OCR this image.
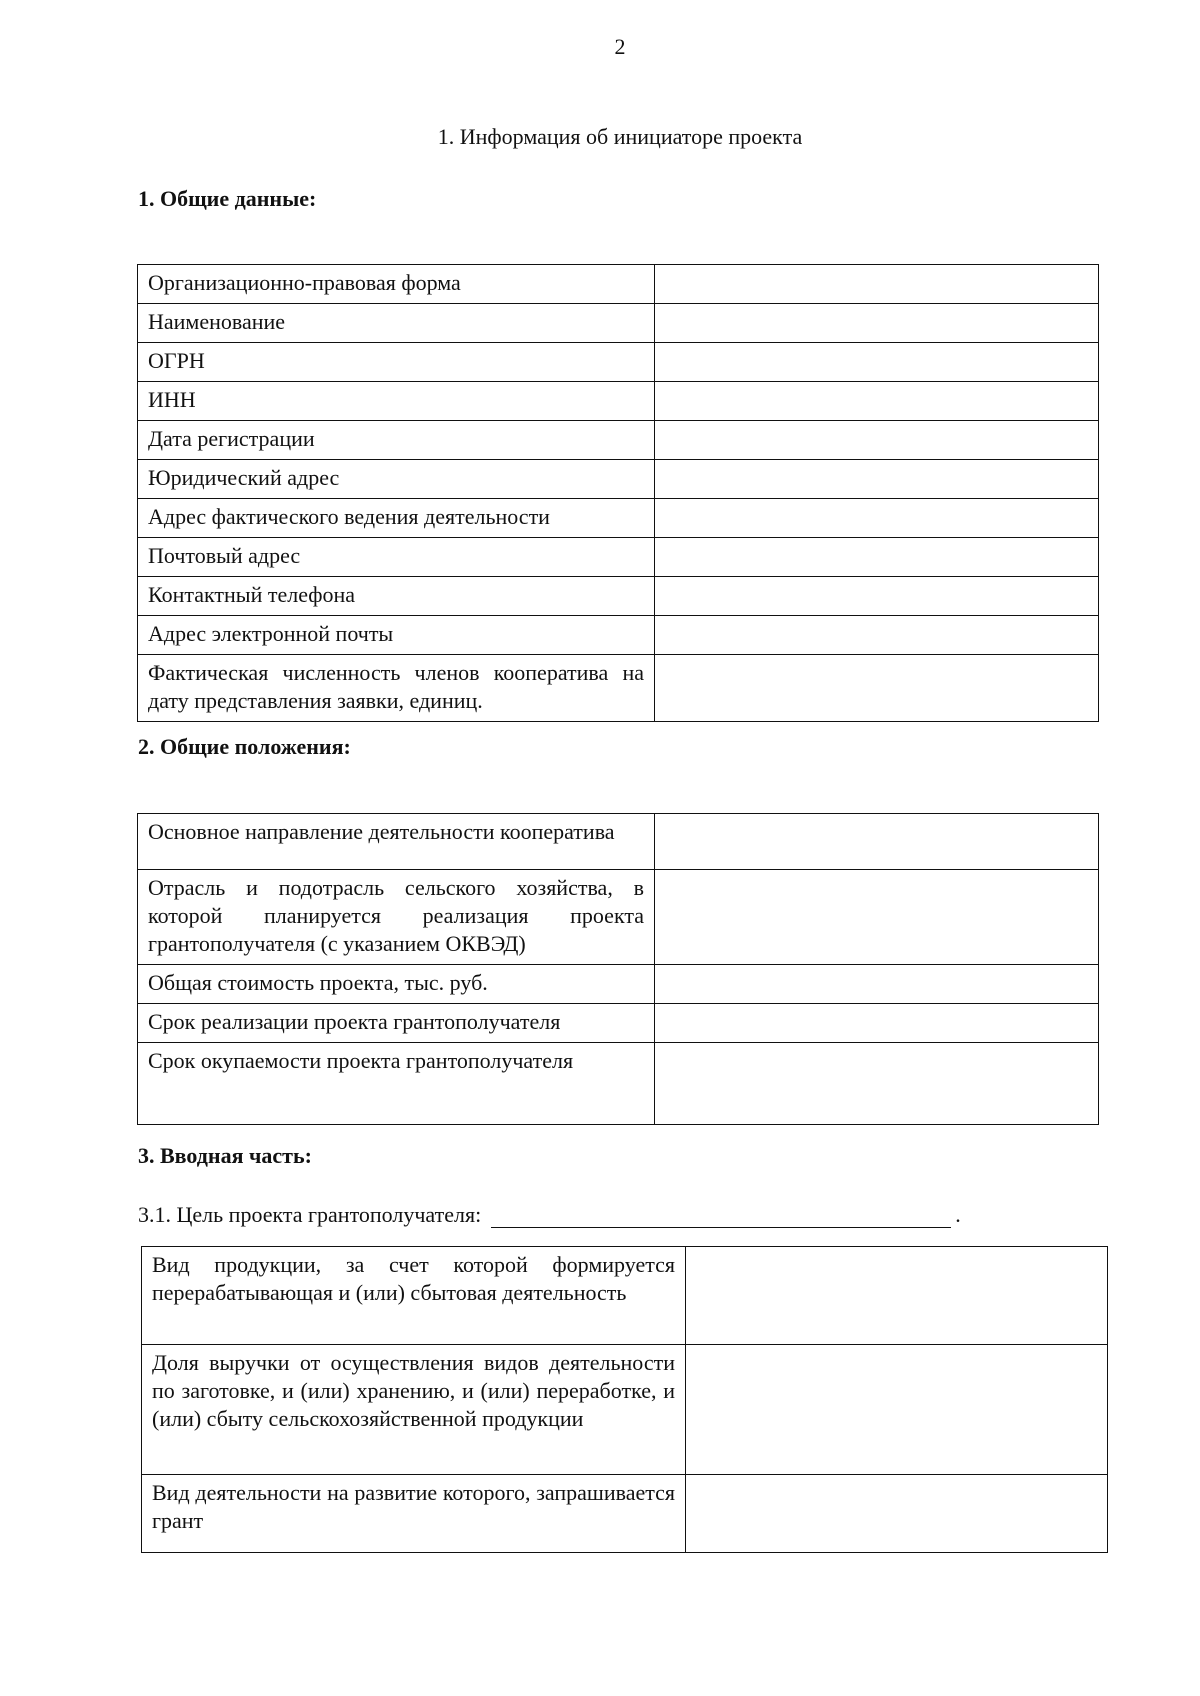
2
1. Информация об инициаторе проекта
1. Общие данные:
Организационно-правовая форма	
Наименование	
ОГРН	
ИНН	
Дата регистрации	
Юридический адрес	
Адрес фактического ведения деятельности	
Почтовый адрес	
Контактный телефона	
Адрес электронной почты	
Фактическая численность членов кооператива на дату представления заявки, единиц.	
2. Общие положения:
Основное направление деятельности кооператива	
Отрасль и подотрасль сельского хозяйства, в которой планируется реализация проекта грантополучателя (с указанием ОКВЭД)	
Общая стоимость проекта, тыс. руб.	
Срок реализации проекта грантополучателя	
Срок окупаемости проекта грантополучателя	
3. Вводная часть:
3.1. Цель проекта грантополучателя:	.
Вид продукции, за счет которой формируется перерабатывающая и (или) сбытовая деятельность	
Доля выручки от осуществления видов деятельности по заготовке, и (или) хранению, и (или) переработке, и (или) сбыту сельскохозяйственной продукции	
Вид деятельности на развитие которого, запрашивается грант	
